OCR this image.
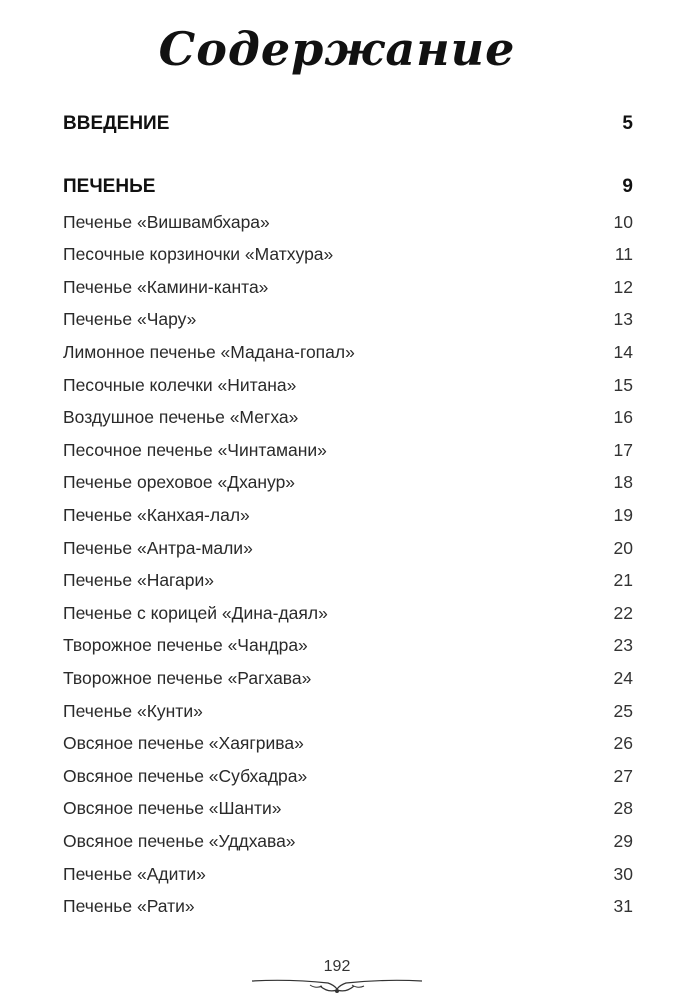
Содержание
ВВЕДЕНИЕ	5
ПЕЧЕНЬЕ	9
Печенье «Вишвамбхара»	10
Песочные корзиночки «Матхура»	11
Печенье «Камини-канта»	12
Печенье «Чару»	13
Лимонное печенье «Мадана-гопал»	14
Песочные колечки «Нитана»	15
Воздушное печенье «Мегха»	16
Песочное печенье «Чинтамани»	17
Печенье ореховое «Дханур»	18
Печенье «Канхая-лал»	19
Печенье «Антра-мали»	20
Печенье «Нагари»	21
Печенье с корицей «Дина-даял»	22
Творожное печенье «Чандра»	23
Творожное печенье «Рагхава»	24
Печенье «Кунти»	25
Овсяное печенье «Хаягрива»	26
Овсяное печенье «Субхадра»	27
Овсяное печенье «Шанти»	28
Овсяное печенье «Уддхава»	29
Печенье «Адити»	30
Печенье «Рати»	31
192
